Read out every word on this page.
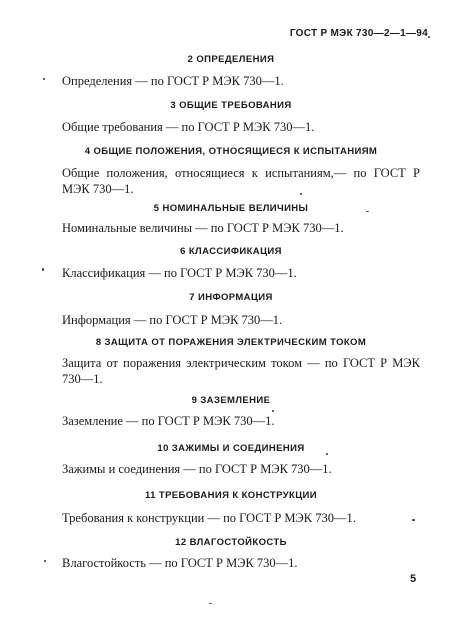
ГОСТ Р МЭК 730—2—1—94
2 ОПРЕДЕЛЕНИЯ

Определения — по ГОСТ Р МЭК 730—1.

3 ОБЩИЕ ТРЕБОВАНИЯ

Общие требования — по ГОСТ Р МЭК 730—1.

4 ОБЩИЕ ПОЛОЖЕНИЯ, ОТНОСЯЩИЕСЯ К ИСПЫТАНИЯМ

Общие положения, относящиеся к испытаниям,— по ГОСТ Р МЭК 730—1.

5 НОМИНАЛЬНЫЕ ВЕЛИЧИНЫ

Номинальные величины — по ГОСТ Р МЭК 730—1.

6 КЛАССИФИКАЦИЯ

Классификация — по ГОСТ Р МЭК 730—1.

7 ИНФОРМАЦИЯ

Информация — по ГОСТ Р МЭК 730—1.

8 ЗАЩИТА ОТ ПОРАЖЕНИЯ ЭЛЕКТРИЧЕСКИМ ТОКОМ

Защита от поражения электрическим током — по ГОСТ Р МЭК 730—1.

9 ЗАЗЕМЛЕНИЕ

Заземление — по ГОСТ Р МЭК 730—1.

10 ЗАЖИМЫ И СОЕДИНЕНИЯ

Зажимы и соединения — по ГОСТ Р МЭК 730—1.

11 ТРЕБОВАНИЯ К КОНСТРУКЦИИ

Требования к конструкции — по ГОСТ Р МЭК 730—1.

12 ВЛАГОСТОЙКОСТЬ

Влагостойкость — по ГОСТ Р МЭК 730—1.

5
